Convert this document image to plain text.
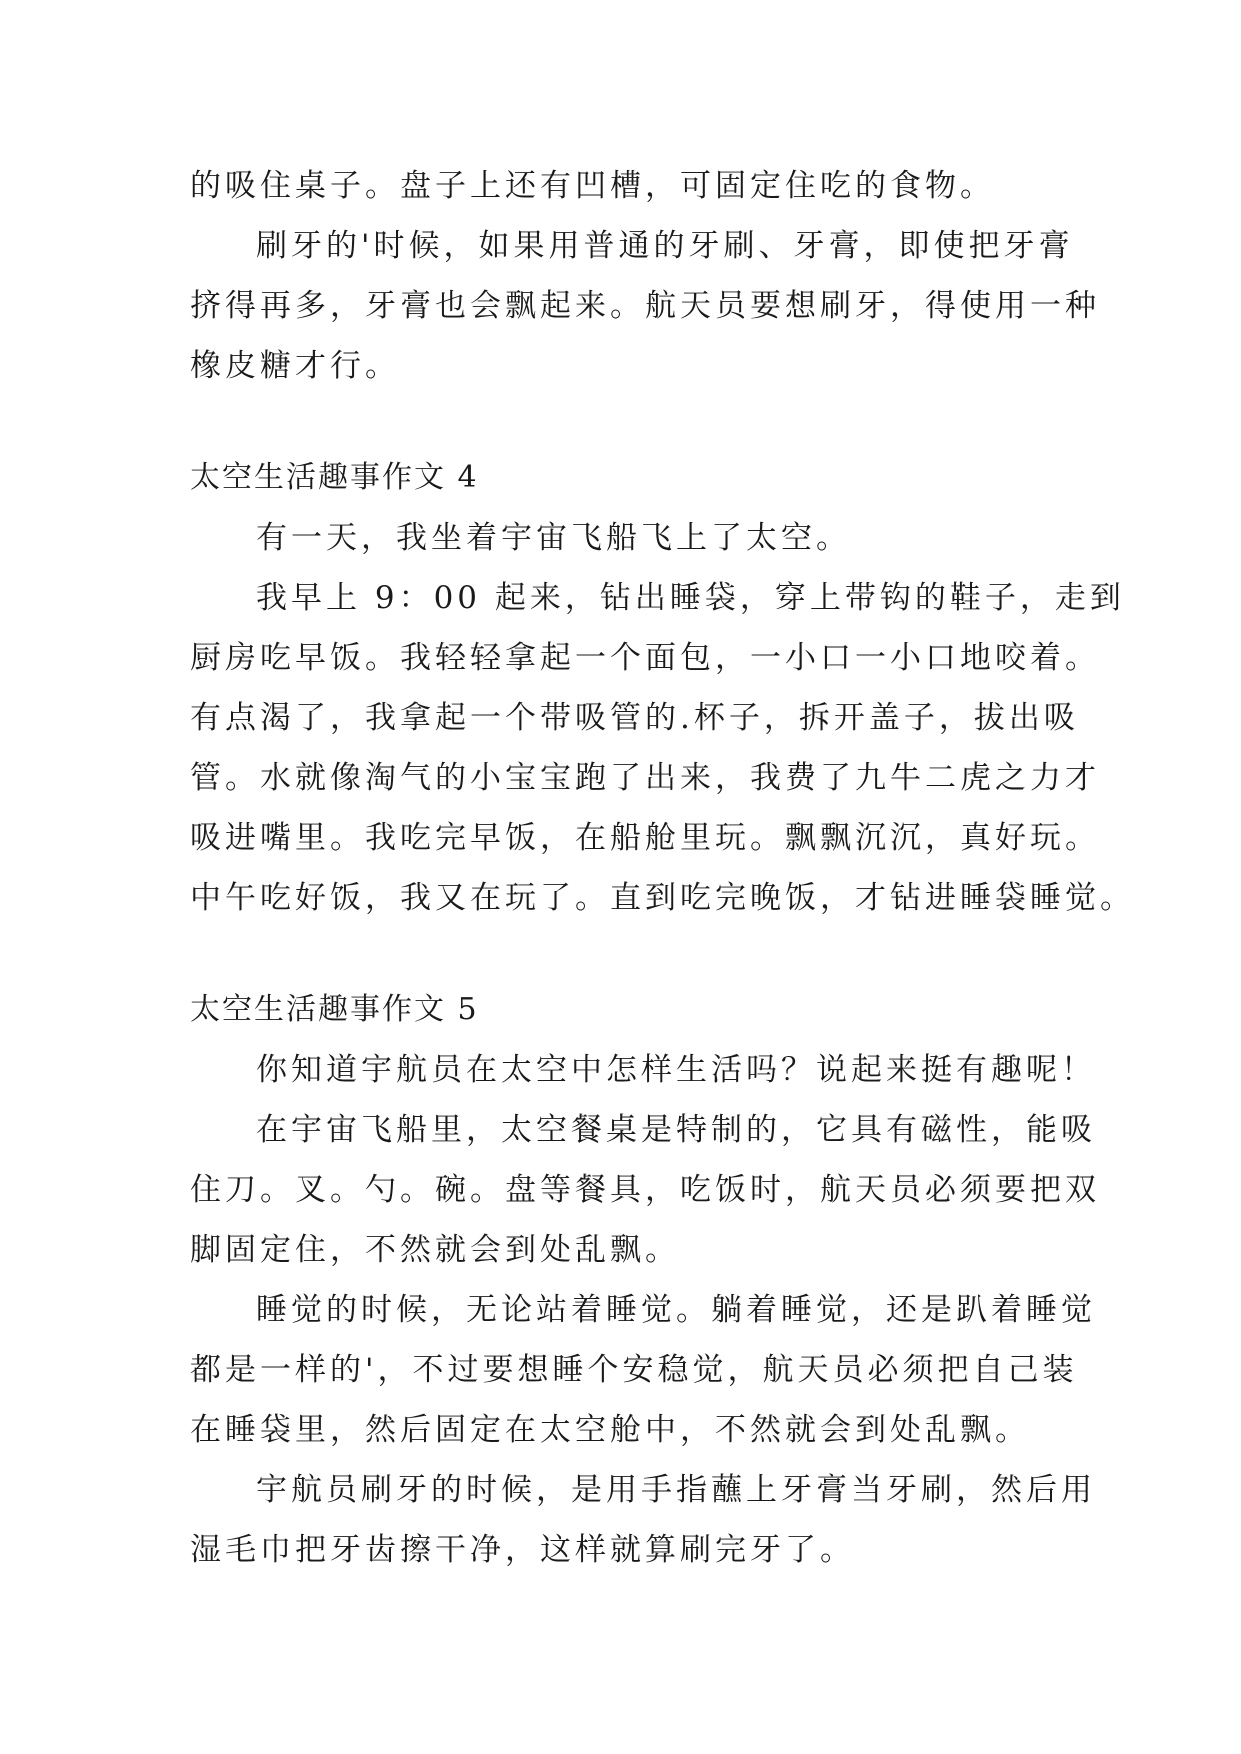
的吸住桌子。盘子上还有凹槽，可固定住吃的食物。
刷牙的'时候，如果用普通的牙刷、牙膏，即使把牙膏
挤得再多，牙膏也会飘起来。航天员要想刷牙，得使用一种
橡皮糖才行。
太空生活趣事作文 4
有一天，我坐着宇宙飞船飞上了太空。
我早上 9：00 起来，钻出睡袋，穿上带钩的鞋子，走到
厨房吃早饭。我轻轻拿起一个面包，一小口一小口地咬着。
有点渴了，我拿起一个带吸管的.杯子，拆开盖子，拔出吸
管。水就像淘气的小宝宝跑了出来，我费了九牛二虎之力才
吸进嘴里。我吃完早饭，在船舱里玩。飘飘沉沉，真好玩。
中午吃好饭，我又在玩了。直到吃完晚饭，才钻进睡袋睡觉。
太空生活趣事作文 5
你知道宇航员在太空中怎样生活吗？说起来挺有趣呢！
在宇宙飞船里，太空餐桌是特制的，它具有磁性，能吸
住刀。叉。勺。碗。盘等餐具，吃饭时，航天员必须要把双
脚固定住，不然就会到处乱飘。
睡觉的时候，无论站着睡觉。躺着睡觉，还是趴着睡觉
都是一样的'，不过要想睡个安稳觉，航天员必须把自己装
在睡袋里，然后固定在太空舱中，不然就会到处乱飘。
宇航员刷牙的时候，是用手指蘸上牙膏当牙刷，然后用
湿毛巾把牙齿擦干净，这样就算刷完牙了。
